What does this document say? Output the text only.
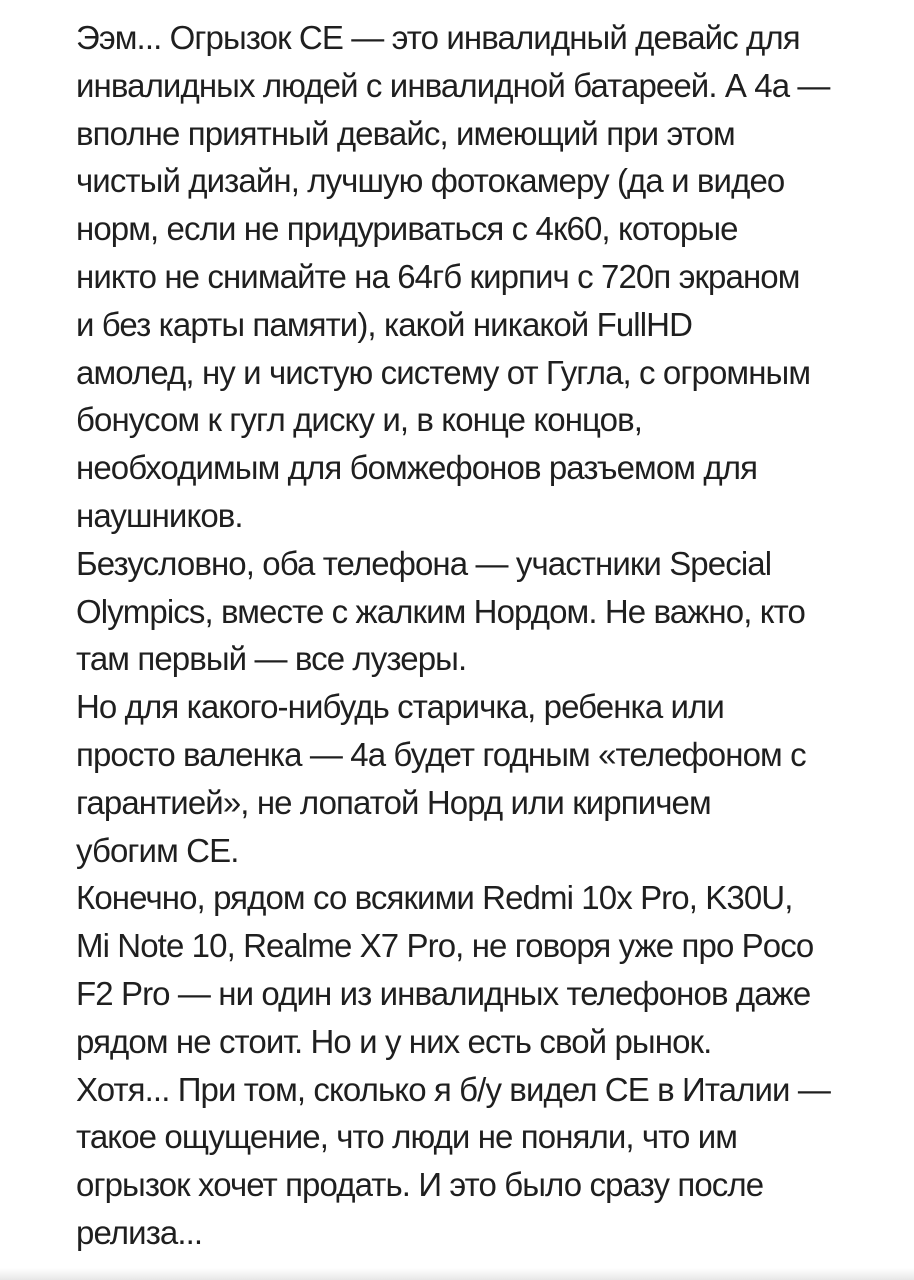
Ээм... Огрызок СЕ — это инвалидный девайс для
инвалидных людей с инвалидной батареей. А 4а —
вполне приятный девайс, имеющий при этом
чистый дизайн, лучшую фотокамеру (да и видео
норм, если не придуриваться с 4к60, которые
никто не снимайте на 64гб кирпич с 720п экраном
и без карты памяти), какой никакой FullHD
амолед, ну и чистую систему от Гугла, с огромным
бонусом к гугл диску и, в конце концов,
необходимым для бомжефонов разъемом для
наушников.

Безусловно, оба телефона — участники Special
Olympics, вместе с жалким Нордом. Не важно, кто
там первый — все лузеры.

Но для какого-нибудь старичка, ребенка или
просто валенка — 4а будет годным «телефоном с
гарантией», не лопатой Норд или кирпичем
убогим СЕ.

Конечно, рядом со всякими Redmi 10x Pro, K30U,
Mi Note 10, Realme X7 Pro, не говоря уже про Poco
F2 Pro — ни один из инвалидных телефонов даже
рядом не стоит. Но и у них есть свой рынок.

Хотя... При том, сколько я б/у видел СЕ в Италии —
такое ощущение, что люди не поняли, что им
огрызок хочет продать. И это было сразу после
релиза...
